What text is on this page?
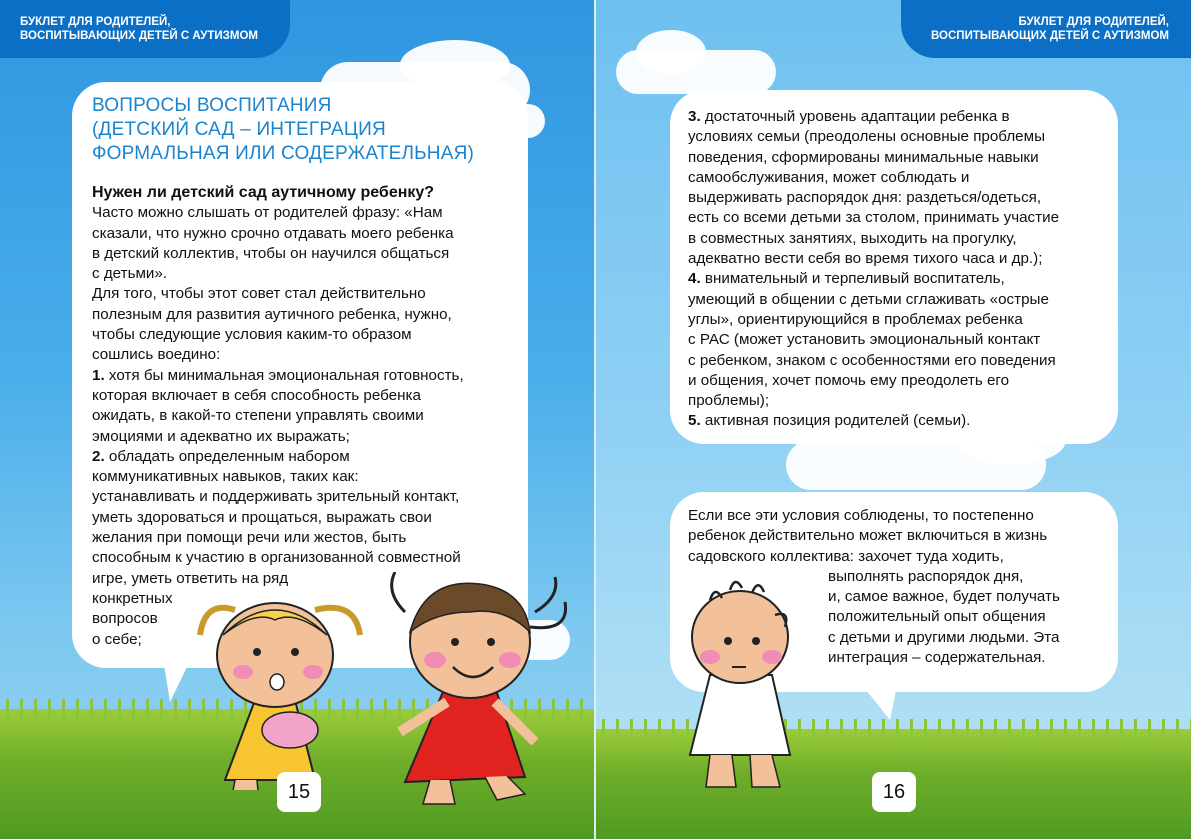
БУКЛЕТ ДЛЯ РОДИТЕЛЕЙ,
ВОСПИТЫВАЮЩИХ ДЕТЕЙ С АУТИЗМОМ
ВОПРОСЫ ВОСПИТАНИЯ
(ДЕТСКИЙ САД – ИНТЕГРАЦИЯ
ФОРМАЛЬНАЯ ИЛИ СОДЕРЖАТЕЛЬНАЯ)
Нужен ли детский сад аутичному ребенку?
Часто можно слышать от родителей фразу: «Нам
сказали, что нужно срочно отдавать моего ребенка
в детский коллектив, чтобы он научился общаться
с детьми».
Для того, чтобы этот совет стал действительно
полезным для развития аутичного ребенка, нужно,
чтобы следующие условия каким-то образом
сошлись воедино:
1. хотя бы минимальная эмоциональная готовность,
которая включает в себя способность ребенка
ожидать, в какой-то степени управлять своими
эмоциями и адекватно их выражать;
2. обладать определенным набором
коммуникативных навыков, таких как:
устанавливать и поддерживать зрительный контакт,
уметь здороваться и прощаться, выражать свои
желания при помощи речи или жестов, быть
способным к участию в организованной совместной
игре, уметь ответить на ряд
конкретных
вопросов
о себе;
15
БУКЛЕТ ДЛЯ РОДИТЕЛЕЙ,
ВОСПИТЫВАЮЩИХ ДЕТЕЙ С АУТИЗМОМ
3. достаточный уровень адаптации ребенка в
условиях семьи (преодолены основные проблемы
поведения, сформированы минимальные навыки
самообслуживания, может соблюдать и
выдерживать распорядок дня: раздеться/одеться,
есть со всеми детьми за столом, принимать участие
в совместных занятиях, выходить на прогулку,
адекватно вести себя во время тихого часа и др.);
4. внимательный и терпеливый воспитатель,
умеющий в общении с детьми сглаживать «острые
углы», ориентирующийся в проблемах ребенка
с РАС (может установить эмоциональный контакт
с ребенком, знаком с особенностями его поведения
и общения, хочет помочь ему преодолеть его
проблемы);
5. активная позиция родителей (семьи).
Если все эти условия соблюдены, то постепенно
ребенок действительно может включиться в жизнь
садовского коллектива: захочет туда ходить,
выполнять распорядок дня,
и, самое важное, будет получать
положительный опыт общения
с детьми и другими людьми. Эта
интеграция – содержательная.
16
